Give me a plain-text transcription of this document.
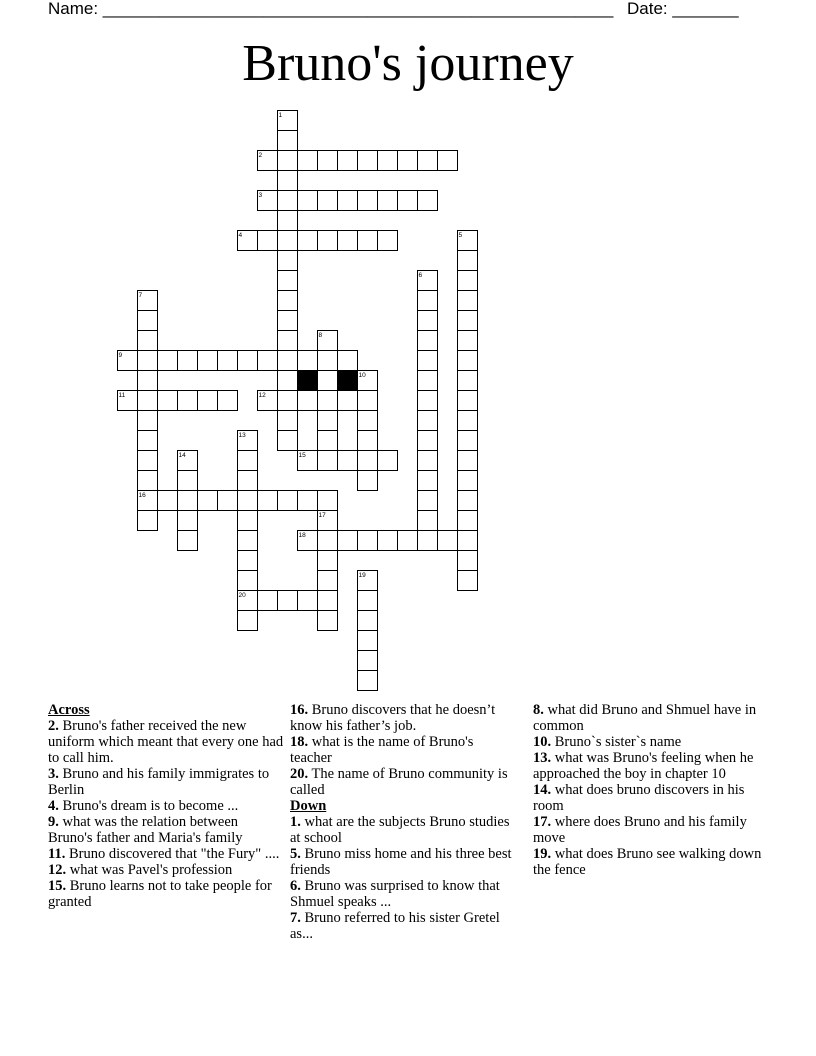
Name: ______________________________________________________ Date: _______
Bruno's journey
1
2
3
4	5
6
7
8
9
10
11	12
13
14	15
16
17
18
19
20
Across

2. Bruno's father received the new uniform which meant that every one had to call him.

3. Bruno and his family immigrates to Berlin

4. Bruno's dream is to become ...

9. what was the relation between Bruno's father and Maria's family

11. Bruno discovered that "the Fury" ....

12. what was Pavel's profession

15. Bruno learns not to take people for granted

16. Bruno discovers that he doesn’t know his father’s job.

18. what is the name of Bruno's teacher

20. The name of Bruno community is called

Down

1. what are the subjects Bruno studies at school

5. Bruno miss home and his three best friends

6. Bruno was surprised to know that Shmuel speaks ...

7. Bruno referred to his sister Gretel as...

8. what did Bruno and Shmuel have in common

10. Bruno`s sister`s name

13. what was Bruno's feeling when he approached the boy in chapter 10

14. what does bruno discovers in his room

17. where does Bruno and his family move

19. what does Bruno see walking down the fence
